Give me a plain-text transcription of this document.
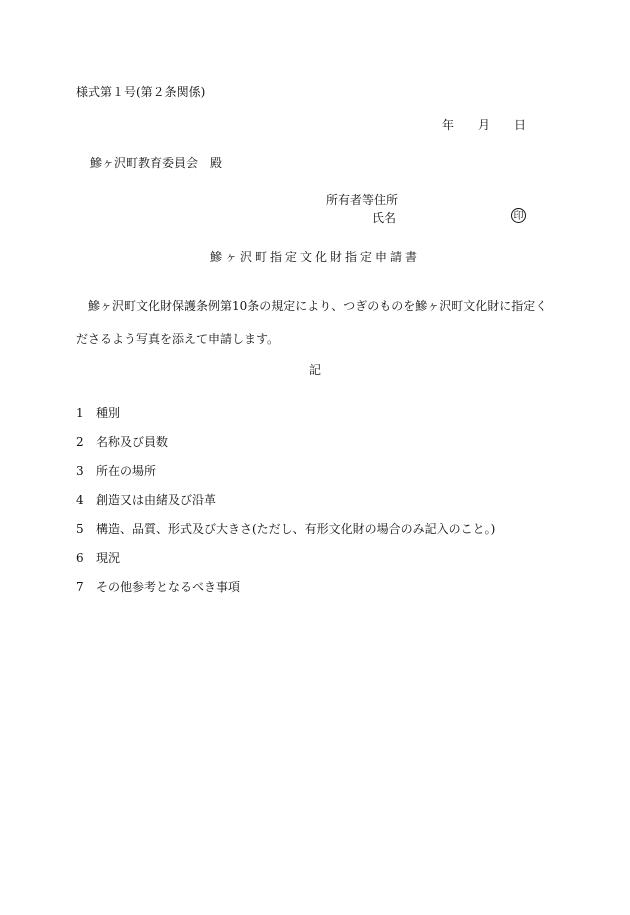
様式第１号(第２条関係)
年 月 日
鰺ヶ沢町教育委員会　殿
所有者等住所
氏名	印
鰺ヶ沢町指定文化財指定申請書
鰺ヶ沢町文化財保護条例第10条の規定により、つぎのものを鰺ヶ沢町文化財に指定くださるよう写真を添えて申請します。
記
1 種別
2 名称及び員数
3 所在の場所
4 創造又は由緒及び沿革
5 構造、品質、形式及び大きさ(ただし、有形文化財の場合のみ記入のこと。)
6 現況
7 その他参考となるべき事項
